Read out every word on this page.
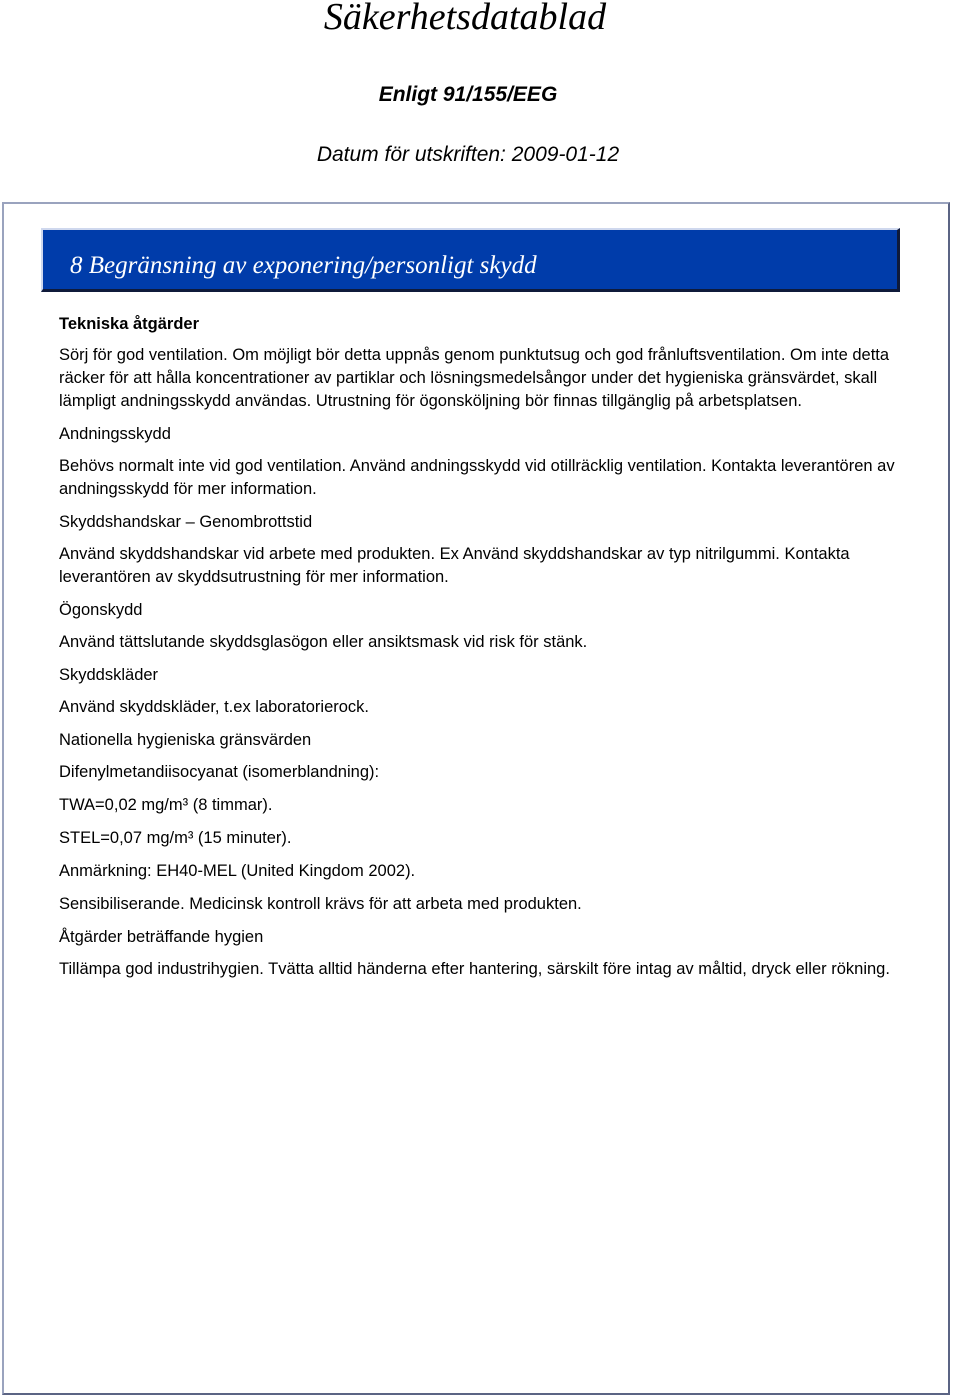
Säkerhetsdatablad
Enligt 91/155/EEG
Datum för utskriften: 2009-01-12
8 Begränsning av exponering/personligt skydd
Tekniska åtgärder
Sörj för god ventilation. Om möjligt bör detta uppnås genom punktutsug och god frånluftsventilation. Om inte detta räcker för att hålla koncentrationer av partiklar och lösningsmedelsångor under det hygieniska gränsvärdet, skall lämpligt andningsskydd användas. Utrustning för ögonsköljning bör finnas tillgänglig på arbetsplatsen.
Andningsskydd
Behövs normalt inte vid god ventilation. Använd andningsskydd vid otillräcklig ventilation. Kontakta leverantören av andningsskydd för mer information.
Skyddshandskar – Genombrottstid
Använd skyddshandskar vid arbete med produkten. Ex Använd skyddshandskar av typ nitrilgummi. Kontakta leverantören av skyddsutrustning för mer information.
Ögonskydd
Använd tättslutande skyddsglasögon eller ansiktsmask vid risk för stänk.
Skyddskläder
Använd skyddskläder, t.ex laboratorierock.
Nationella hygieniska gränsvärden
Difenylmetandiisocyanat (isomerblandning):
TWA=0,02 mg/m³ (8 timmar).
STEL=0,07 mg/m³ (15 minuter).
Anmärkning: EH40-MEL (United Kingdom 2002).
Sensibiliserande. Medicinsk kontroll krävs för att arbeta med produkten.
Åtgärder beträffande hygien
Tillämpa god industrihygien. Tvätta alltid händerna efter hantering, särskilt före intag av måltid, dryck eller rökning.
